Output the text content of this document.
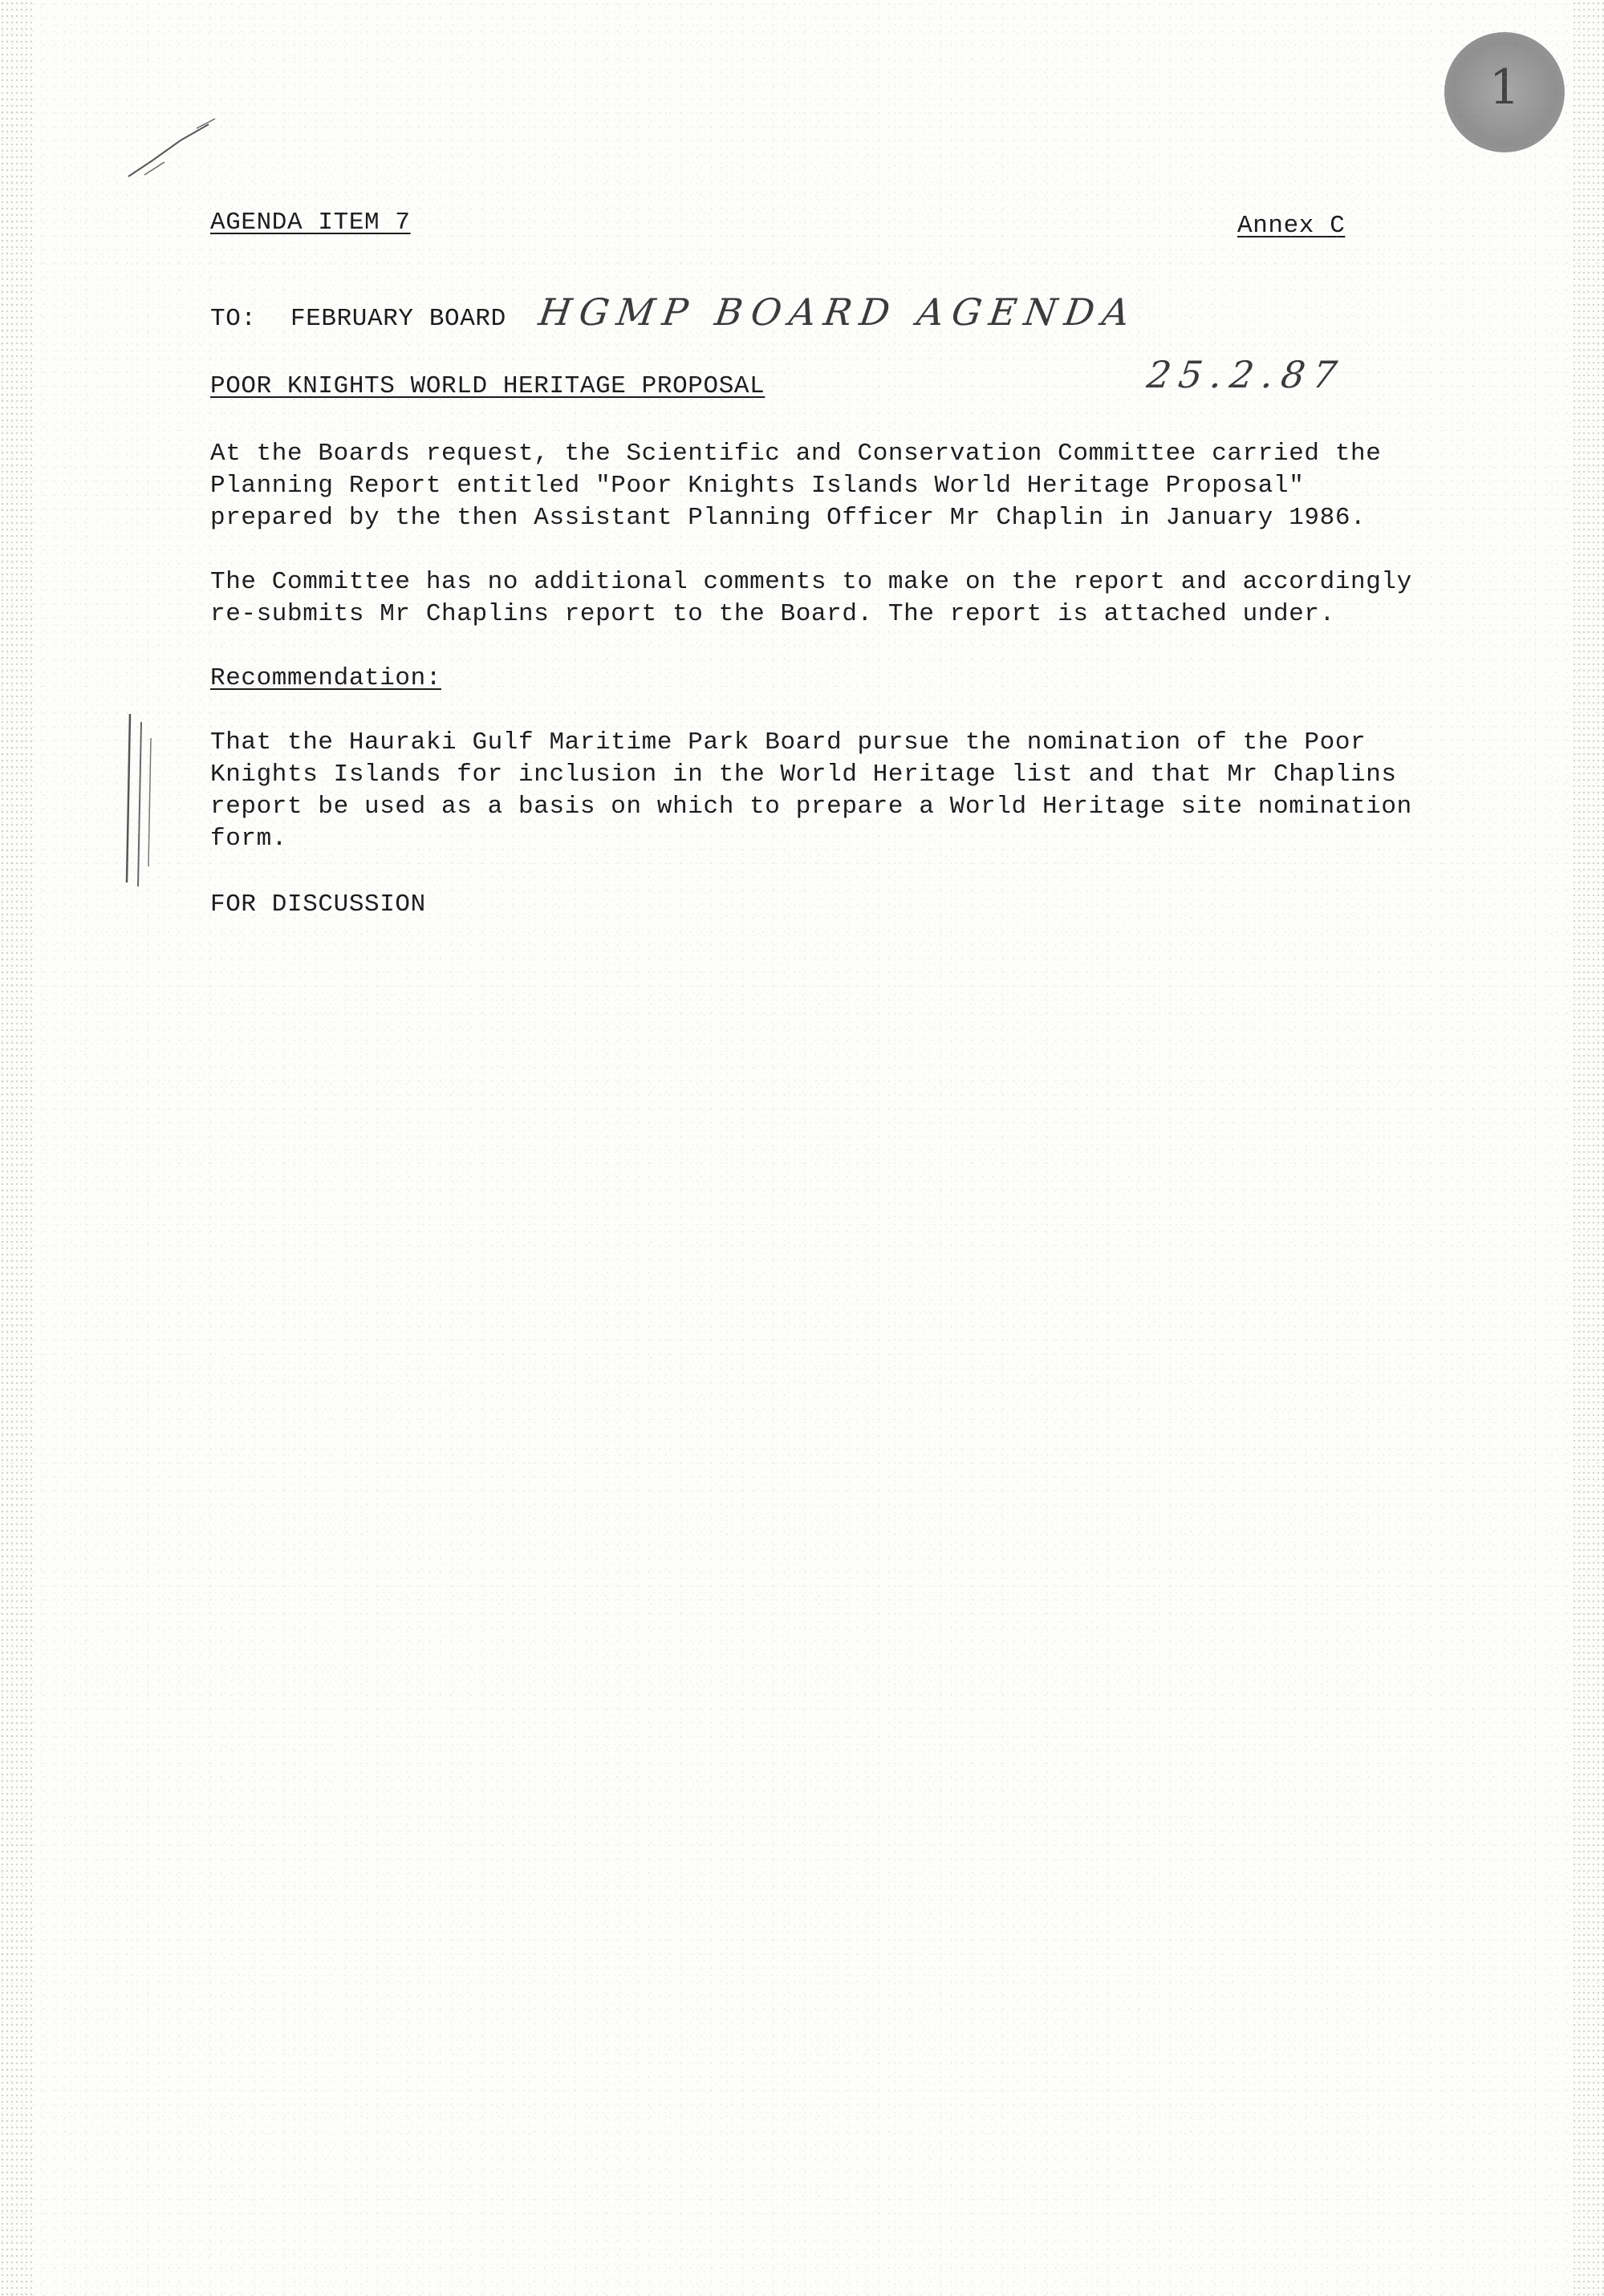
1
AGENDA ITEM 7	Annex C
TO: FEBRUARY BOARD HGMP BOARD AGENDA
25.2.87
POOR KNIGHTS WORLD HERITAGE PROPOSAL
At the Boards request, the Scientific and Conservation Committee carried the
Planning Report entitled "Poor Knights Islands World Heritage Proposal"
prepared by the then Assistant Planning Officer Mr Chaplin in January 1986.
The Committee has no additional comments to make on the report and accordingly
re-submits Mr Chaplins report to the Board. The report is attached under.
Recommendation:
That the Hauraki Gulf Maritime Park Board pursue the nomination of the Poor
Knights Islands for inclusion in the World Heritage list and that Mr Chaplins
report be used as a basis on which to prepare a World Heritage site nomination
form.
FOR DISCUSSION
